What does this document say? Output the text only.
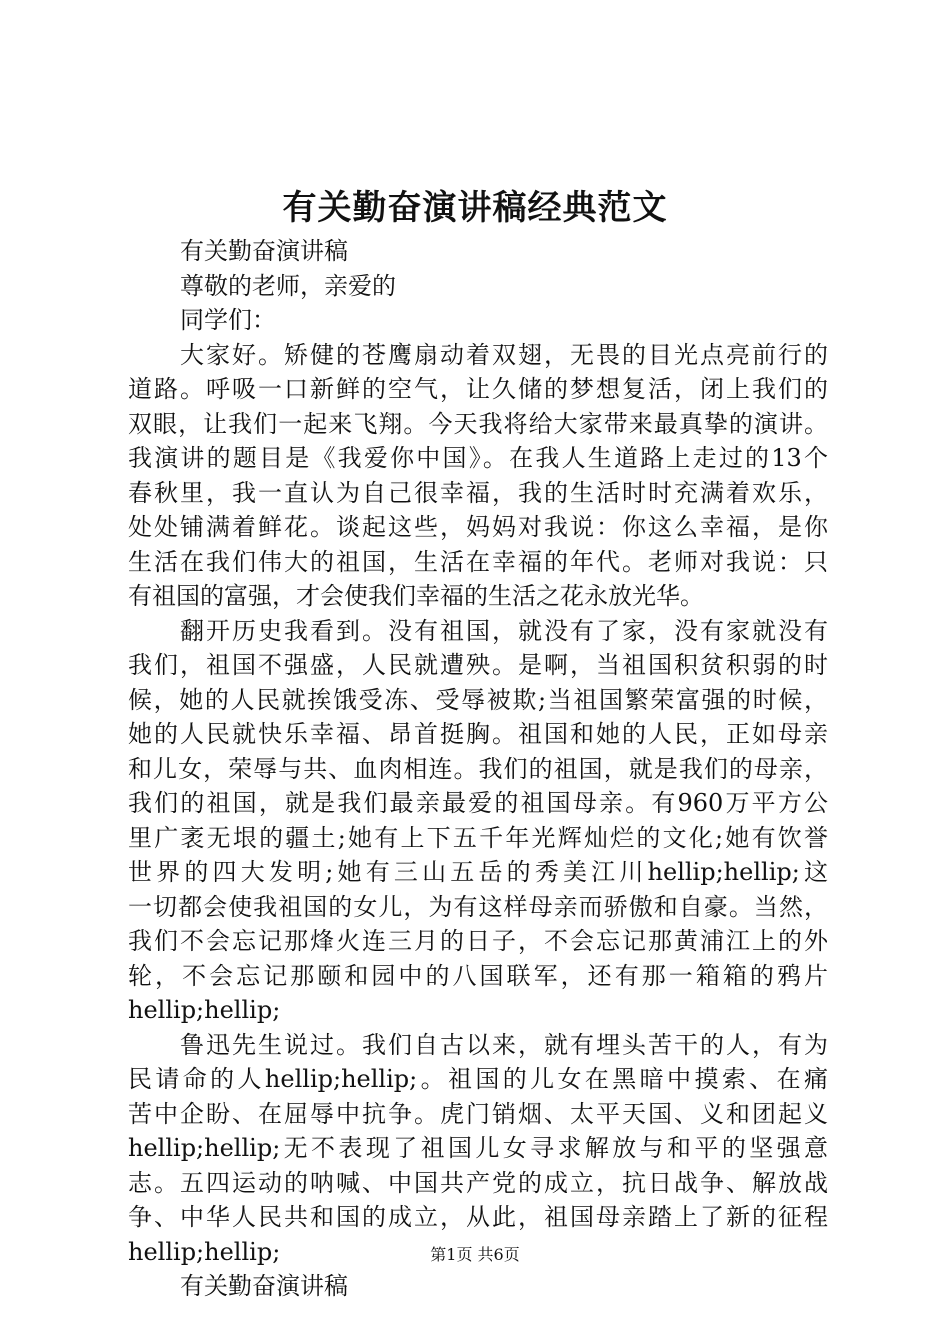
有关勤奋演讲稿经典范文
有关勤奋演讲稿
尊敬的老师，亲爱的
同学们：
大家好。矫健的苍鹰扇动着双翅，无畏的目光点亮前行的
道路。呼吸一口新鲜的空气，让久储的梦想复活，闭上我们的
双眼，让我们一起来飞翔。今天我将给大家带来最真挚的演讲。
我演讲的题目是《我爱你中国》。在我人生道路上走过的13个
春秋里，我一直认为自己很幸福，我的生活时时充满着欢乐，
处处铺满着鲜花。谈起这些，妈妈对我说：你这么幸福，是你
生活在我们伟大的祖国，生活在幸福的年代。老师对我说：只
有祖国的富强，才会使我们幸福的生活之花永放光华。
翻开历史我看到。没有祖国，就没有了家，没有家就没有
我们，祖国不强盛，人民就遭殃。是啊，当祖国积贫积弱的时
候，她的人民就挨饿受冻、受辱被欺;当祖国繁荣富强的时候，
她的人民就快乐幸福、昂首挺胸。祖国和她的人民，正如母亲
和儿女，荣辱与共、血肉相连。我们的祖国，就是我们的母亲，
我们的祖国，就是我们最亲最爱的祖国母亲。有960万平方公
里广袤无垠的疆土;她有上下五千年光辉灿烂的文化;她有饮誉
世界的四大发明;她有三山五岳的秀美江川hellip;hellip;这
一切都会使我祖国的女儿，为有这样母亲而骄傲和自豪。当然，
我们不会忘记那烽火连三月的日子，不会忘记那黄浦江上的外
轮，不会忘记那颐和园中的八国联军，还有那一箱箱的鸦片
hellip;hellip;
鲁迅先生说过。我们自古以来，就有埋头苦干的人，有为
民请命的人hellip;hellip;。祖国的儿女在黑暗中摸索、在痛
苦中企盼、在屈辱中抗争。虎门销烟、太平天国、义和团起义
hellip;hellip;无不表现了祖国儿女寻求解放与和平的坚强意
志。五四运动的呐喊、中国共产党的成立，抗日战争、解放战
争、中华人民共和国的成立，从此，祖国母亲踏上了新的征程
hellip;hellip;
有关勤奋演讲稿
第1页 共6页
